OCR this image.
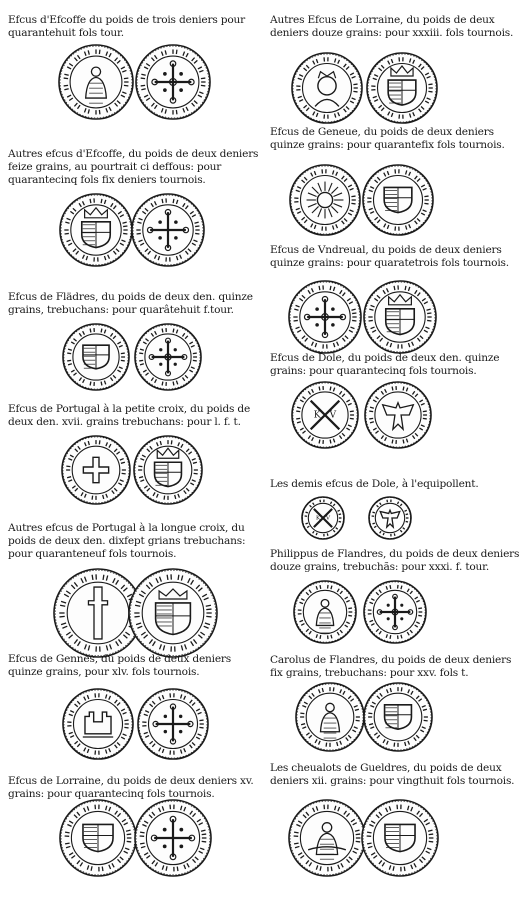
Efcus d'Efcoffe du poids de trois deniers pour quarantehuit fols tour.
Autres efcus d'Efcoffe, du poids de deux deniers feize grains, au pourtrait ci deffous: pour quarantecinq fols fix deniers tournois.
Efcus de Flädres, du poids de deux den. quinze grains, trebuchans: pour quarâtehuit f.tour.
Efcus de Portugal à la petite croix, du poids de deux den. xvii. grains trebuchans: pour l. f. t.
Autres efcus de Portugal à la longue croix, du poids de deux den. dixfept grians trebuchans: pour quaranteneuf fols tournois.
Efcus de Gennes, du poids de deux deniers quinze grains, pour xlv. fols tournois.
Efcus de Lorraine, du poids de deux deniers xv. grains: pour quarantecinq fols tournois.
Autres Efcus de Lorraine, du poids de deux deniers douze grains: pour xxxiii. fols tournois.
Efcus de Geneue, du poids de deux deniers quinze grains: pour quarantefix fols tournois.
Efcus de Vndreual, du poids de deux deniers quinze grains: pour quaratetrois fols tournois.
Efcus de Dole, du poids de deux den. quinze grains: pour quarantecinq fols tournois.
K V
Les demis efcus de Dole, à l'equipollent.
K V
Philippus de Flandres, du poids de deux deniers douze grains, trebuchãs: pour xxxi. f. tour.
Carolus de Flandres, du poids de deux deniers fix grains, trebuchans: pour xxv. fols t.
Les cheualots de Gueldres, du poids de deux deniers xii. grains: pour vingthuit fols tournois.
